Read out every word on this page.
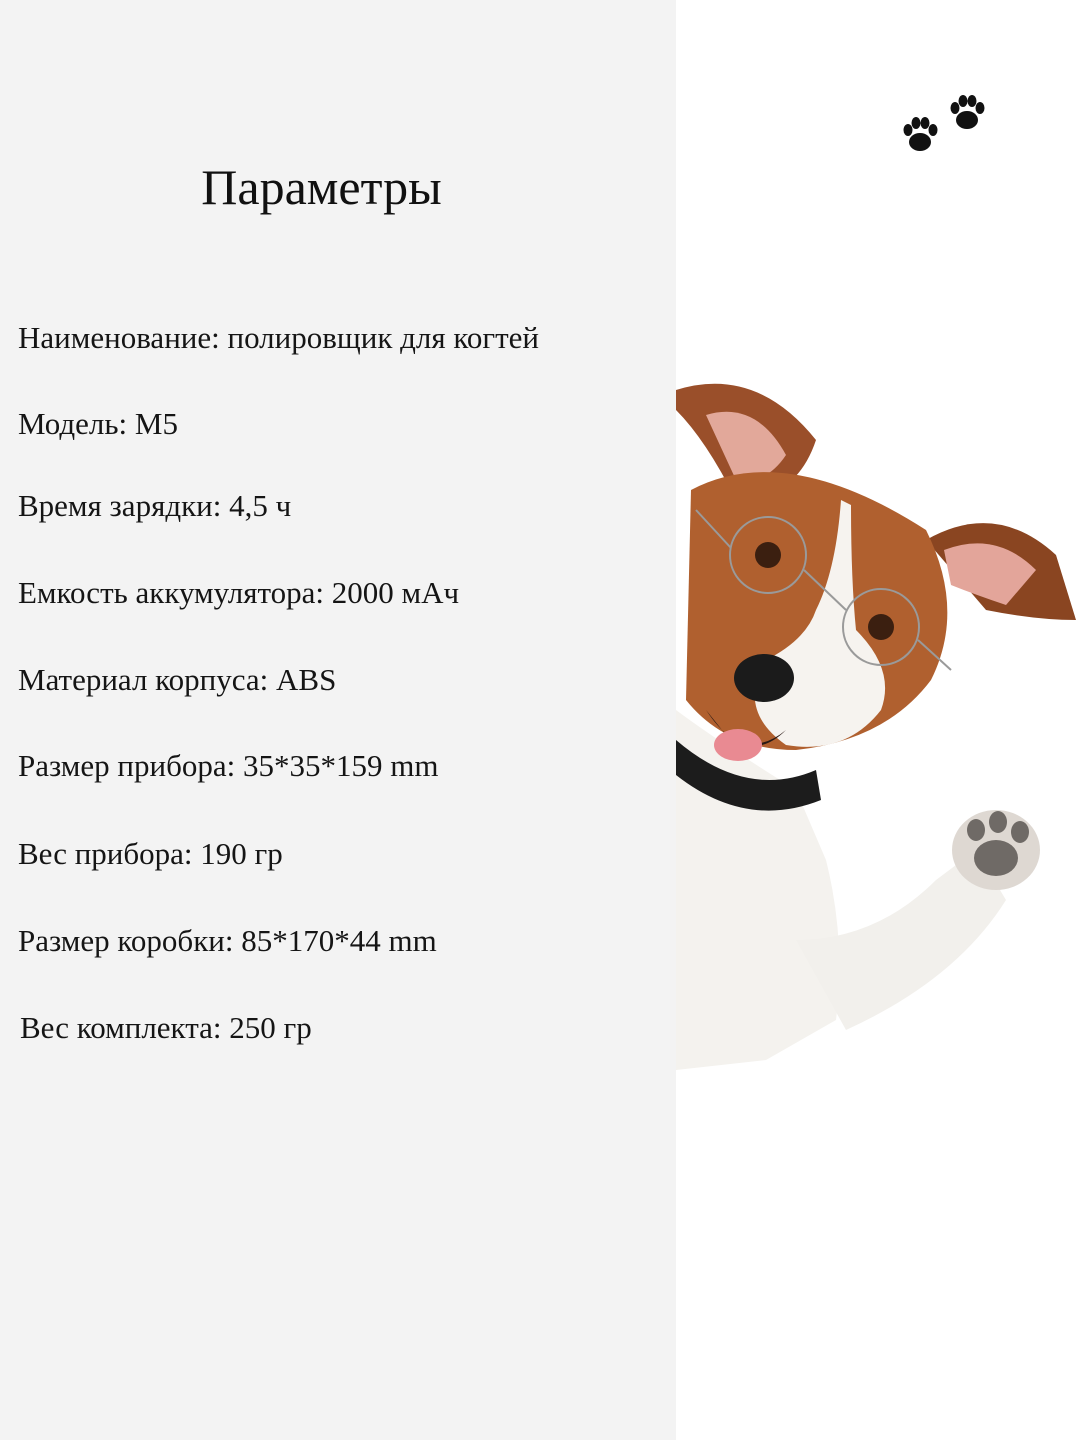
Параметры
Наименование: полировщик для когтей
Модель: М5
Время зарядки: 4,5 ч
Емкость аккумулятора: 2000 мАч
Материал корпуса: ABS
Размер прибора: 35*35*159 mm
Вес прибора: 190 гр
Размер коробки: 85*170*44 mm
Вес комплекта: 250 гр
